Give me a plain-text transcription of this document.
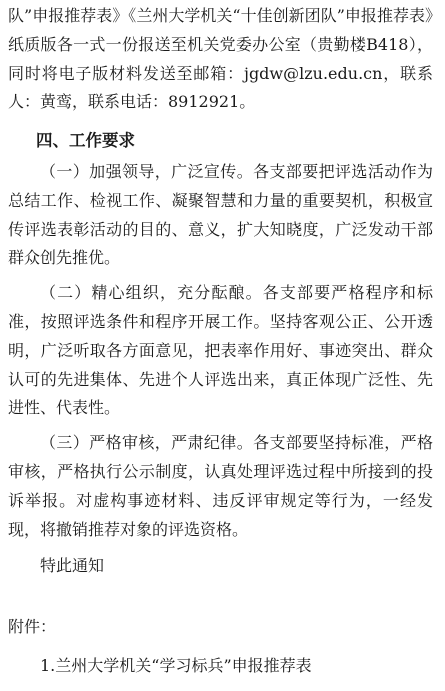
队”申报推荐表》《兰州大学机关“十佳创新团队”申报推荐表》纸质版各一式一份报送至机关党委办公室（贵勤楼B418），同时将电子版材料发送至邮箱：jgdw@lzu.edu.cn，联系人：黄鸾，联系电话：8912921。

四、工作要求

（一）加强领导，广泛宣传。各支部要把评选活动作为总结工作、检视工作、凝聚智慧和力量的重要契机，积极宣传评选表彰活动的目的、意义，扩大知晓度，广泛发动干部群众创先推优。

（二）精心组织，充分酝酿。各支部要严格程序和标准，按照评选条件和程序开展工作。坚持客观公正、公开透明，广泛听取各方面意见，把表率作用好、事迹突出、群众认可的先进集体、先进个人评选出来，真正体现广泛性、先进性、代表性。

（三）严格审核，严肃纪律。各支部要坚持标准，严格审核，严格执行公示制度，认真处理评选过程中所接到的投诉举报。对虚构事迹材料、违反评审规定等行为，一经发现，将撤销推荐对象的评选资格。

特此通知
附件：
1.兰州大学机关“学习标兵”申报推荐表
